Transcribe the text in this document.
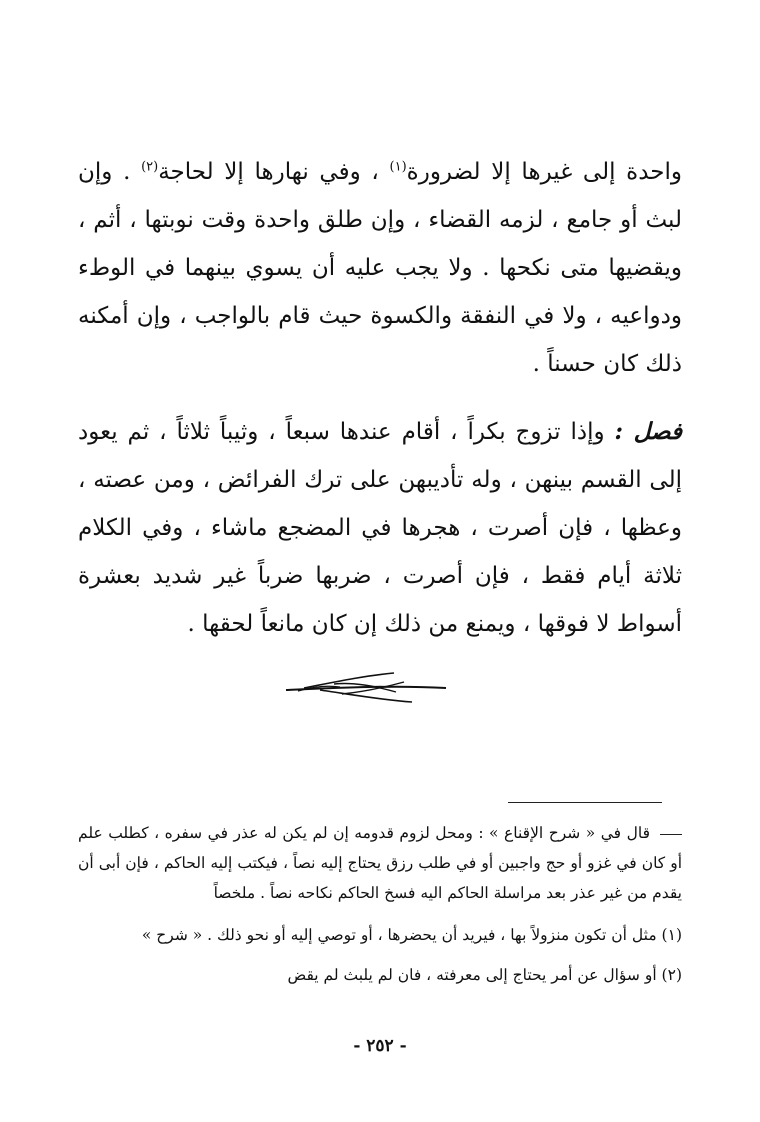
واحدة إلى غيرها إلا لضرورة$^{(١)}$ ، وفي نهارها إلا لحاجة$^{(٢)}$ . وإن لبث أو جامع ، لزمه القضاء ، وإن طلق واحدة وقت نوبتها ، أثم ، ويقضيها متى نكحها . ولا يجب عليه أن يسوي بينهما في الوطء ودواعيه ، ولا في النفقة والكسوة حيث قام بالواجب ، وإن أمكنه ذلك كان حسناً .

فصل : وإذا تزوج بكراً ، أقام عندها سبعاً ، وثيباً ثلاثاً ، ثم يعود إلى القسم بينهن ، وله تأديبهن على ترك الفرائض ، ومن عصته ، وعظها ، فإن أصرت ، هجرها في المضجع ماشاء ، وفي الكلام ثلاثة أيام فقط ، فإن أصرت ، ضربها ضرباً غير شديد بعشرة أسواط لا فوقها ، ويمنع من ذلك إن كان مانعاً لحقها .

قال في « شرح الإقناع » : ومحل لزوم قدومه إن لم يكن له عذر في سفره ، كطلب علم أو كان في غزو أو حج واجبين أو في طلب رزق يحتاج إليه نصاً ، فيكتب إليه الحاكم ، فإن أبى أن يقدم من غير عذر بعد مراسلة الحاكم اليه فسخ الحاكم نكاحه نصاً . ملخصاً

(١) مثل أن تكون منزولاً بها ، فيريد أن يحضرها ، أو توصي إليه أو نحو ذلك . « شرح »

(٢) أو سؤال عن أمر يحتاج إلى معرفته ، فان لم يلبث لم يقض

- ٢٥٢ -
